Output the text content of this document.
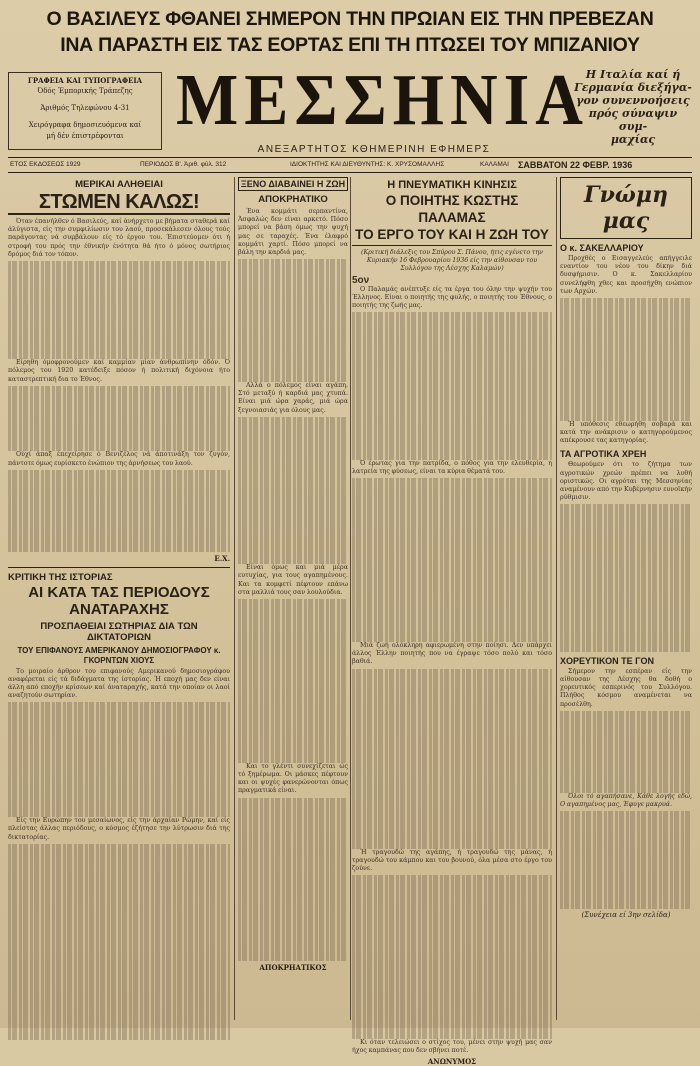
Ο ΒΑΣΙΛΕΥΣ ΦΘΑΝΕΙ ΣΗΜΕΡΟΝ ΤΗΝ ΠΡΩΙΑΝ ΕΙΣ ΤΗΝ ΠΡΕΒΕΖΑΝ
ΙΝΑ ΠΑΡΑΣΤΗ ΕΙΣ ΤΑΣ ΕΟΡΤΑΣ ΕΠΙ ΤΗ ΠΤΩΣΕΙ ΤΟΥ ΜΠΙΖΑΝΙΟΥ
ΓΡΑΦΕΙΑ ΚΑΙ ΤΥΠΟΓΡΑΦΕΙΑ
Όδός Έμπορικής Τράπεζης
Άριθμός Τηλεφώνου 4-31
Χειρόγραφα δημοσιευόμενα καί
μή δέν έπιστρέφονται ΜΕΣΣΗΝΙΑ
ΑΝΕΞΑΡΤΗΤΟΣ ΚΘΗΜΕΡΙΝΗ ΕΦΗΜΕΡΣ
Η Ιταλία καί ή
Γερμανία διεξήγα-
γον συνεννοήσεις
πρός σύναψιν συμ-
μαχίας
ΕΤΟΣ ΕΚΔΟΣΕΩΣ 1929	ΠΕΡΙΟΔΟΣ Β'. Άριθ. φύλ. 312	ΙΔΙΟΚΤΗΤΗΣ ΚΑΙ ΔΙΕΥΘΥΝΤΗΣ: Κ. ΧΡΥΣΟΜΑΛΛΗΣ	ΚΑΛΑΜΑΙ ΣΑΒΒΑΤΟΝ 22 ΦΕΒΡ. 1936
ΜΕΡΙΚΑΙ ΑΛΗΘΕΙΑΙ
ΣΤΩΜΕΝ ΚΑΛΩΣ!

Όταν έπανήλθεν ό Βασιλεύς, καί άνήρχετο με βήματα σταθερά καί άλύγιστα, είς την συμφιλίωσιν του λαού, προσεκάλεσεν όλους τούς παράγοντας νά συμβάλουν είς τό έργον του. Έπιστεύομεν ότι ή στροφή του πρός την έθνικήν ένότητα θά ήτο ό μόνος σωτήριος δρόμος διά τον τόπον.

Είρηθη όμοφρονούμεν καί καμμίαν μίαν άνθρωπίνην όδόν. Ό πόλεμος του 1920 κατέδειξε πόσον ή πολιτική διχόνοια ήτο καταστρεπτική δια το Έθνος.

Ούχί άπαξ έπεχείρησε ό Βενιζέλος νά άποτινάξη τον ζυγόν, πάντοτε όμως ευρίσκετο ένώπιον της άρνήσεως του λαού.

Ε.Χ.
ΚΡΙΤΙΚΗ ΤΗΣ ΙΣΤΟΡΙΑΣ
ΑΙ ΚΑΤΑ ΤΑΣ ΠΕΡΙΟΔΟΥΣ ΑΝΑΤΑΡΑΧΗΣ
ΠΡΟΣΠΑΘΕΙΑΙ ΣΩΤΗΡΙΑΣ ΔΙΑ ΤΩΝ ΔΙΚΤΑΤΟΡΙΩΝ
ΤΟΥ ΕΠΙΦΑΝΟΥΣ ΑΜΕΡΙΚΑΝΟΥ ΔΗΜΟΣΙΟΓΡΑΦΟΥ κ. ΓΚΟΡΝΤΩΝ ΧΙΟΥΣ

Το μοιραίο άρθρον του επιφανούς Αμερικανού δημοσιογράφου αναφέρεται είς τά διδάγματα της ίστορίας. Ή εποχή μας δεν είναι άλλη από εποχήν κρίσεων καί άναταραχής, κατά την οποίαν οι λαοί αναζητούν σωτηρίαν.

Είς την Ευρώπην του μεσαίωνος, είς την άρχαίαν Ρώμην, καί είς πλείστας άλλας περιόδους, ο κόσμος έζήτησε την λύτρωσιν διά της δικτατορίας.

ΞΕΝΟ ΔΙΑΒΑΙΝΕΙ Η ΖΩΗ
ΑΠΟΚΡΗΑΤΙΚΟ

Ένα κομμάτι σερπαντίνα, Άσφαλώς δεν είναι αρκετό. Πόσο μπορεί να βάση όμως την ψυχή μας σε ταραχές. Ένα έλαφρό κομμάτι χαρτί. Πόσο μπορεί να βάλη την καρδιά μας.

Αλλά ο πόλεμος είναι αγάπη. Στό μεταξύ ή καρδιά μας χτυπά. Είναι μιά ώρα χαράς, μιά ώρα ξεγνοιασιάς για όλους μας.

Είναι όμως και μιά μέρα ευτυχίας, για τους αγαπημένους. Και τα κομφετί πέφτουν επάνω στα μαλλιά τους σαν λουλούδια.

Και το γλέντι συνεχίζεται ώς τό ξημέρωμα. Οι μάσκες πέφτουν και οι ψυχές φανερώνονται όπως πραγματικά είναι.

ΑΠΟΚΡΗΑΤΙΚΟΣ
Η ΠΝΕΥΜΑΤΙΚΗ ΚΙΝΗΣΙΣ
Ο ΠΟΙΗΤΗΣ ΚΩΣΤΗΣ ΠΑΛΑΜΑΣ
ΤΟ ΕΡΓΟ ΤΟΥ ΚΑΙ Η ΖΩΗ ΤΟΥ
(Κριτική διάλεξις του Σπύρου Σ. Πάνου, ήτις εγένετο την Κυριακήν 16 Φεβρουαρίου 1936 είς την αίθουσαν του Συλλόγου της Λέσχης Καλαμών)
5ον

Ο Παλαμάς ανέπτυξε είς τα έργα του όλην την ψυχήν του Έλληνος. Είναι ο ποιητής της φυλής, ο ποιητής του Έθνους, ο ποιητής της ζωής μας.

Ό έρωτας για την πατρίδα, ο πόθος για την ελευθερία, η λατρεία της φύσεως, είναι τα κύρια θέματά του.

Μιά ζωή ολόκληρη αφιερωμένη στην ποίησι. Δεν υπάρχει άλλος Έλλην ποιητής που να έγραψε τόσο πολύ και τόσο βαθιά.

Ή τραγουδώ της αγάπης, ή τραγουδώ της μάνας, ή τραγουδώ του κάμπου και του βουνού, όλα μέσα στο έργο του ζούνε.

Κι όταν τελειώσει ο στίχος του, μένει στην ψυχή μας σαν ήχος καμπάνας που δεν σβήνει ποτέ.

ΑΝΩΝΥΜΟΣ
Γνώμη μας
Ο κ. ΣΑΚΕΛΛΑΡΙΟΥ

Προχθές ο Εισαγγελεύς απήγγειλε εναντίον του νέου του δίκην διά δυσφήμισιν. Ο κ. Σακελλαρίου συνελήφθη χθες και προσήχθη ενώπιον των Αρχών.

Ή υπόθεσις εθεωρήθη σοβαρά και κατά την ανάκρισιν ο κατηγορούμενος απέκρουσε τας κατηγορίας.

ΤΑ ΑΓΡΟΤΙΚΑ ΧΡΕΗ

Θεωρούμεν ότι το ζήτημα των αγροτικών χρεών πρέπει να λυθή οριστικώς. Οι αγρόται της Μεσσηνίας αναμένουν από την Κυβέρνησιν ευνοϊκήν ρύθμισιν.

ΧΟΡΕΥΤΙΚΟΝ ΤΕ ΓΟΝ

Σήμερον την εσπέραν είς την αίθουσαν της Λέσχης θα δοθή ο χορευτικός εσπερινός του Συλλόγου. Πλήθος κόσμου αναμένεται να προσέλθη.

Όλοι τό αγαπήσανε, Κάθε λογής εδώ, Ο αγαπημένος μας, Έφυγε μακρυά.

(Συνέχεια εί 3ην σελίδα)
